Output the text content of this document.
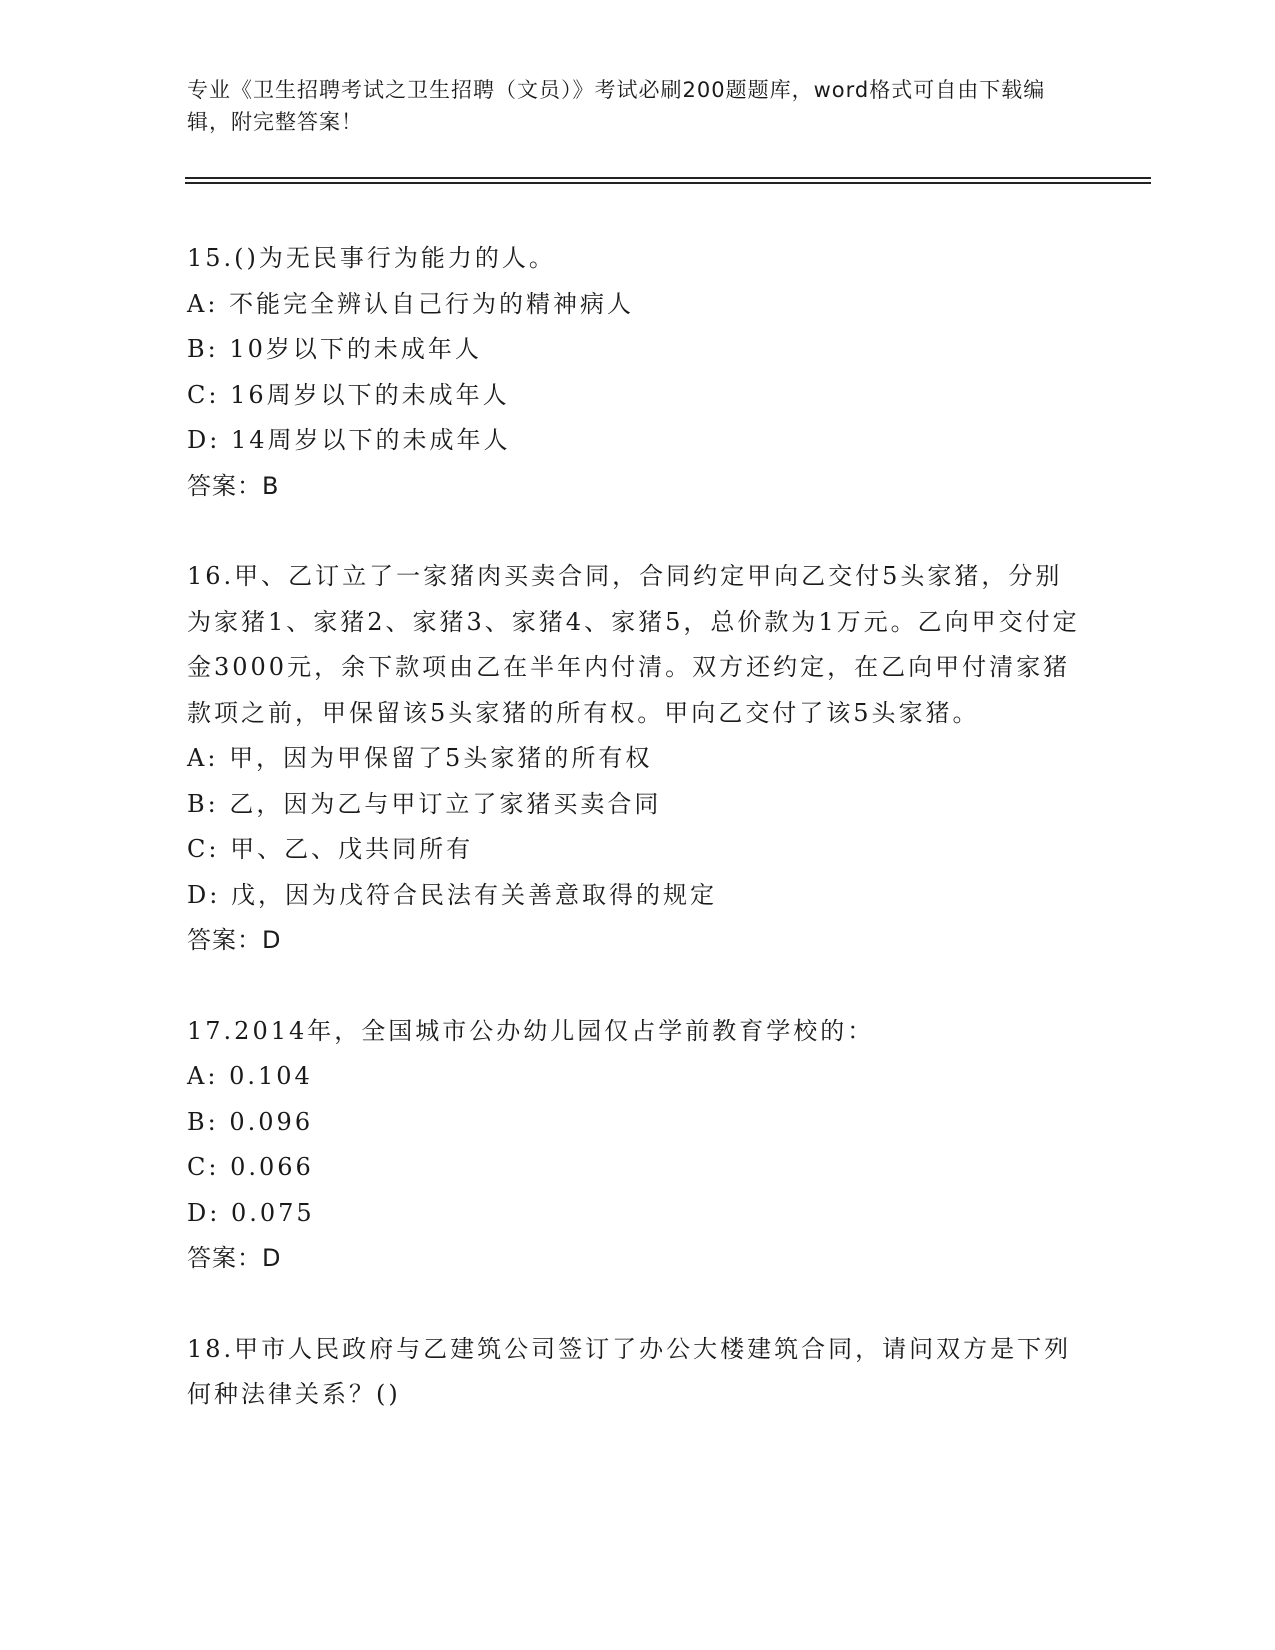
专业《卫生招聘考试之卫生招聘（文员）》考试必刷200题题库，word格式可自由下载编辑，附完整答案！

15.()为无民事行为能力的人。

A: 不能完全辨认自己行为的精神病人

B: 10岁以下的未成年人

C: 16周岁以下的未成年人

D: 14周岁以下的未成年人

答案：B

16.甲、乙订立了一家猪肉买卖合同，合同约定甲向乙交付5头家猪，分别为家猪1、家猪2、家猪3、家猪4、家猪5，总价款为1万元。乙向甲交付定金3000元，余下款项由乙在半年内付清。双方还约定，在乙向甲付清家猪款项之前，甲保留该5头家猪的所有权。甲向乙交付了该5头家猪。

A: 甲，因为甲保留了5头家猪的所有权

B: 乙，因为乙与甲订立了家猪买卖合同

C: 甲、乙、戊共同所有

D: 戊，因为戊符合民法有关善意取得的规定

答案：D

17.2014年，全国城市公办幼儿园仅占学前教育学校的：

A: 0.104

B: 0.096

C: 0.066

D: 0.075

答案：D

18.甲市人民政府与乙建筑公司签订了办公大楼建筑合同，请问双方是下列何种法律关系？()
